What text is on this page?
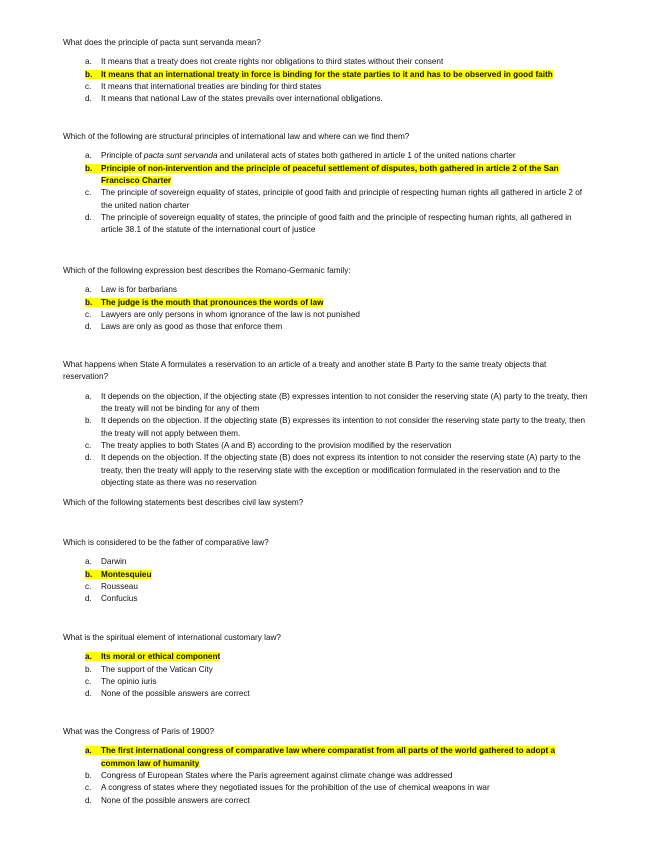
What does the principle of pacta sunt servanda mean?
a. It means that a treaty does not create rights nor obligations to third states without their consent
b. It means that an international treaty in force is binding for the state parties to it and has to be observed in good faith
c. It means that international treaties are binding for third states
d. It means that national Law of the states prevails over international obligations.
Which of the following are structural principles of international law and where can we find them?
a. Principle of pacta sunt servanda and unilateral acts of states both gathered in article 1 of the united nations charter
b. Principle of non-intervention and the principle of peaceful settlement of disputes, both gathered in article 2 of the San Francisco Charter
c. The principle of sovereign equality of states, principle of good faith and principle of respecting human rights all gathered in article 2 of the united nation charter
d. The principle of sovereign equality of states, the principle of good faith and the principle of respecting human rights, all gathered in article 38.1 of the statute of the international court of justice
Which of the following expression best describes the Romano-Germanic family:
a. Law is for barbarians
b. The judge is the mouth that pronounces the words of law
c. Lawyers are only persons in whom ignorance of the law is not punished
d. Laws are only as good as those that enforce them
What happens when State A formulates a reservation to an article of a treaty and another state B Party to the same treaty objects that reservation?
a. It depends on the objection, if the objecting state (B) expresses intention to not consider the reserving state (A) party to the treaty, then the treaty will not be binding for any of them
b. It depends on the objection. If the objecting state (B) expresses its intention to not consider the reserving state party to the treaty, then the treaty will not apply between them.
c. The treaty applies to both States (A and B) according to the provision modified by the reservation
d. It depends on the objection. If the objecting state (B) does not express its intention to not consider the reserving state (A) party to the treaty, then the treaty will apply to the reserving state with the exception or modification formulated in the reservation and to the objecting state as there was no reservation
Which of the following statements best describes civil law system?
Which is considered to be the father of comparative law?
a. Darwin
b. Montesquieu
c. Rousseau
d. Confucius
What is the spiritual element of international customary law?
a. Its moral or ethical component
b. The support of the Vatican City
c. The opinio iuris
d. None of the possible answers are correct
What was the Congress of Paris of 1900?
a. The first international congress of comparative law where comparatist from all parts of the world gathered to adopt a common law of humanity
b. Congress of European States where the Paris agreement against climate change was addressed
c. A congress of states where they negotiated issues for the prohibition of the use of chemical weapons in war
d. None of the possible answers are correct
